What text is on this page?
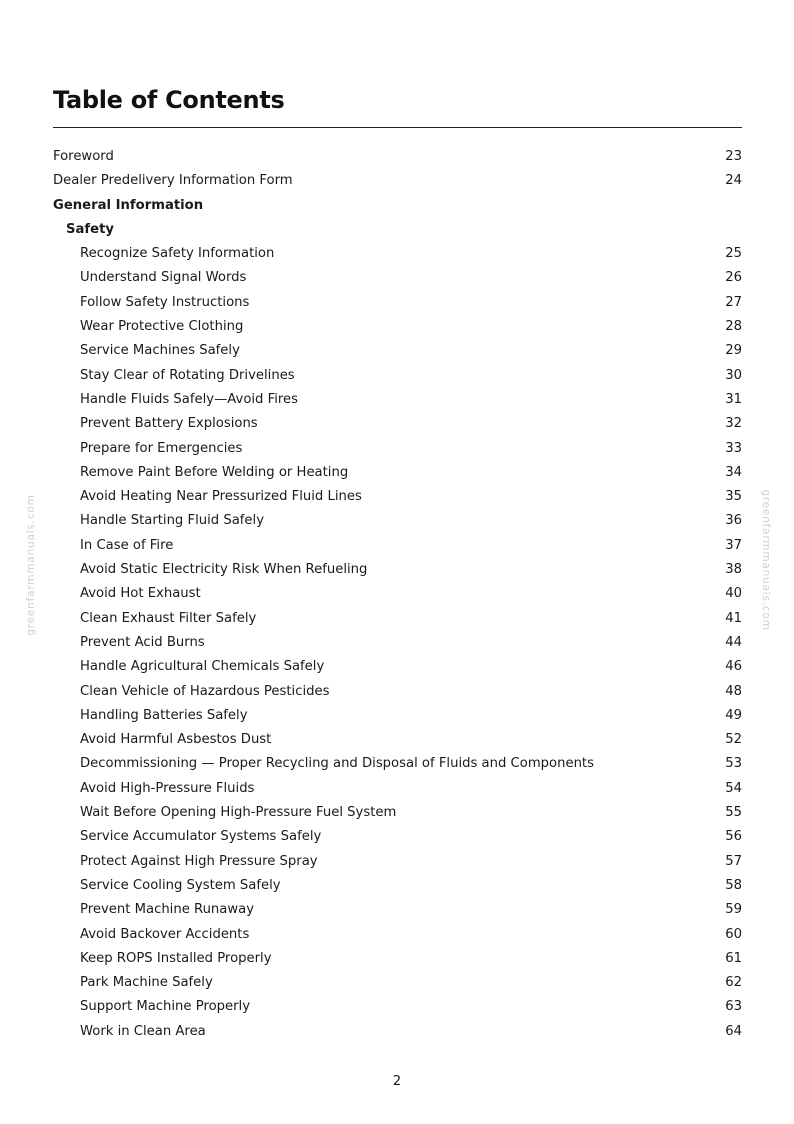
Table of Contents
Foreword	23
Dealer Predelivery Information Form	24
General Information
Safety
Recognize Safety Information	25
Understand Signal Words	26
Follow Safety Instructions	27
Wear Protective Clothing	28
Service Machines Safely	29
Stay Clear of Rotating Drivelines	30
Handle Fluids Safely—Avoid Fires	31
Prevent Battery Explosions	32
Prepare for Emergencies	33
Remove Paint Before Welding or Heating	34
Avoid Heating Near Pressurized Fluid Lines	35
Handle Starting Fluid Safely	36
In Case of Fire	37
Avoid Static Electricity Risk When Refueling	38
Avoid Hot Exhaust	40
Clean Exhaust Filter Safely	41
Prevent Acid Burns	44
Handle Agricultural Chemicals Safely	46
Clean Vehicle of Hazardous Pesticides	48
Handling Batteries Safely	49
Avoid Harmful Asbestos Dust	52
Decommissioning — Proper Recycling and Disposal of Fluids and Components	53
Avoid High-Pressure Fluids	54
Wait Before Opening High-Pressure Fuel System	55
Service Accumulator Systems Safely	56
Protect Against High Pressure Spray	57
Service Cooling System Safely	58
Prevent Machine Runaway	59
Avoid Backover Accidents	60
Keep ROPS Installed Properly	61
Park Machine Safely	62
Support Machine Properly	63
Work in Clean Area	64
greenfarmmanuals.com	greenfarmmanuals.com
2
